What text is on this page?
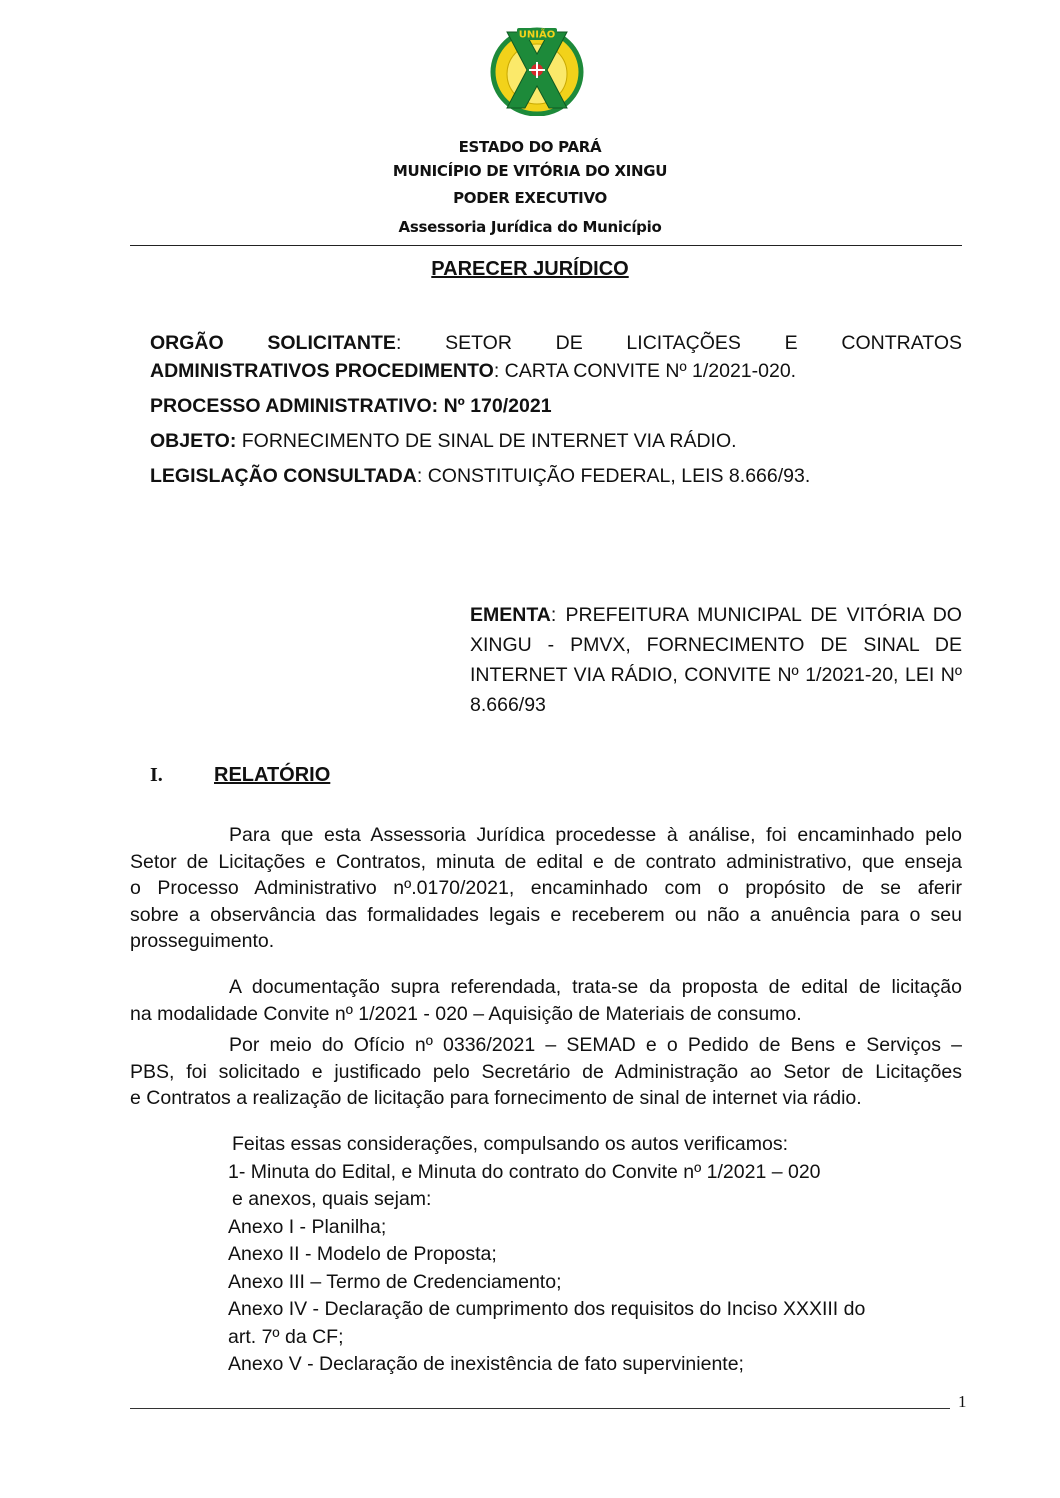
UNIÃO
ESTADO DO PARÁ
MUNICÍPIO DE VITÓRIA DO XINGU
PODER EXECUTIVO
Assessoria Jurídica do Município
PARECER JURÍDICO
ORGÃO SOLICITANTE: SETOR DE LICITAÇÕES E CONTRATOS
ADMINISTRATIVOS PROCEDIMENTO: CARTA CONVITE Nº 1/2021-020.
PROCESSO ADMINISTRATIVO: Nº 170/2021
OBJETO: FORNECIMENTO DE SINAL DE INTERNET VIA RÁDIO.
LEGISLAÇÃO CONSULTADA: CONSTITUIÇÃO FEDERAL, LEIS 8.666/93.
EMENTA: PREFEITURA MUNICIPAL DE VITÓRIA DO XINGU - PMVX, FORNECIMENTO DE SINAL DE INTERNET VIA RÁDIO, CONVITE Nº 1/2021-20, LEI Nº 8.666/93
I.	RELATÓRIO
Para que esta Assessoria Jurídica procedesse à análise, foi encaminhado pelo
Setor de Licitações e Contratos, minuta de edital e de contrato administrativo, que enseja
o Processo Administrativo nº.0170/2021, encaminhado com o propósito de se aferir
sobre a observância das formalidades legais e receberem ou não a anuência para o seu
prosseguimento.
A documentação supra referendada, trata-se da proposta de edital de licitação
na modalidade Convite nº 1/2021 - 020 – Aquisição de Materiais de consumo.
Por meio do Ofício nº 0336/2021 – SEMAD e o Pedido de Bens e Serviços –
PBS, foi solicitado e justificado pelo Secretário de Administração ao Setor de Licitações
e Contratos a realização de licitação para fornecimento de sinal de internet via rádio.
Feitas essas considerações, compulsando os autos verificamos:
1- Minuta do Edital, e Minuta do contrato do Convite nº 1/2021 – 020
e anexos, quais sejam:
Anexo I - Planilha;
Anexo II - Modelo de Proposta;
Anexo III – Termo de Credenciamento;
Anexo IV - Declaração de cumprimento dos requisitos do Inciso XXXIII do
art. 7º da CF;
Anexo V - Declaração de inexistência de fato superviniente;
1
